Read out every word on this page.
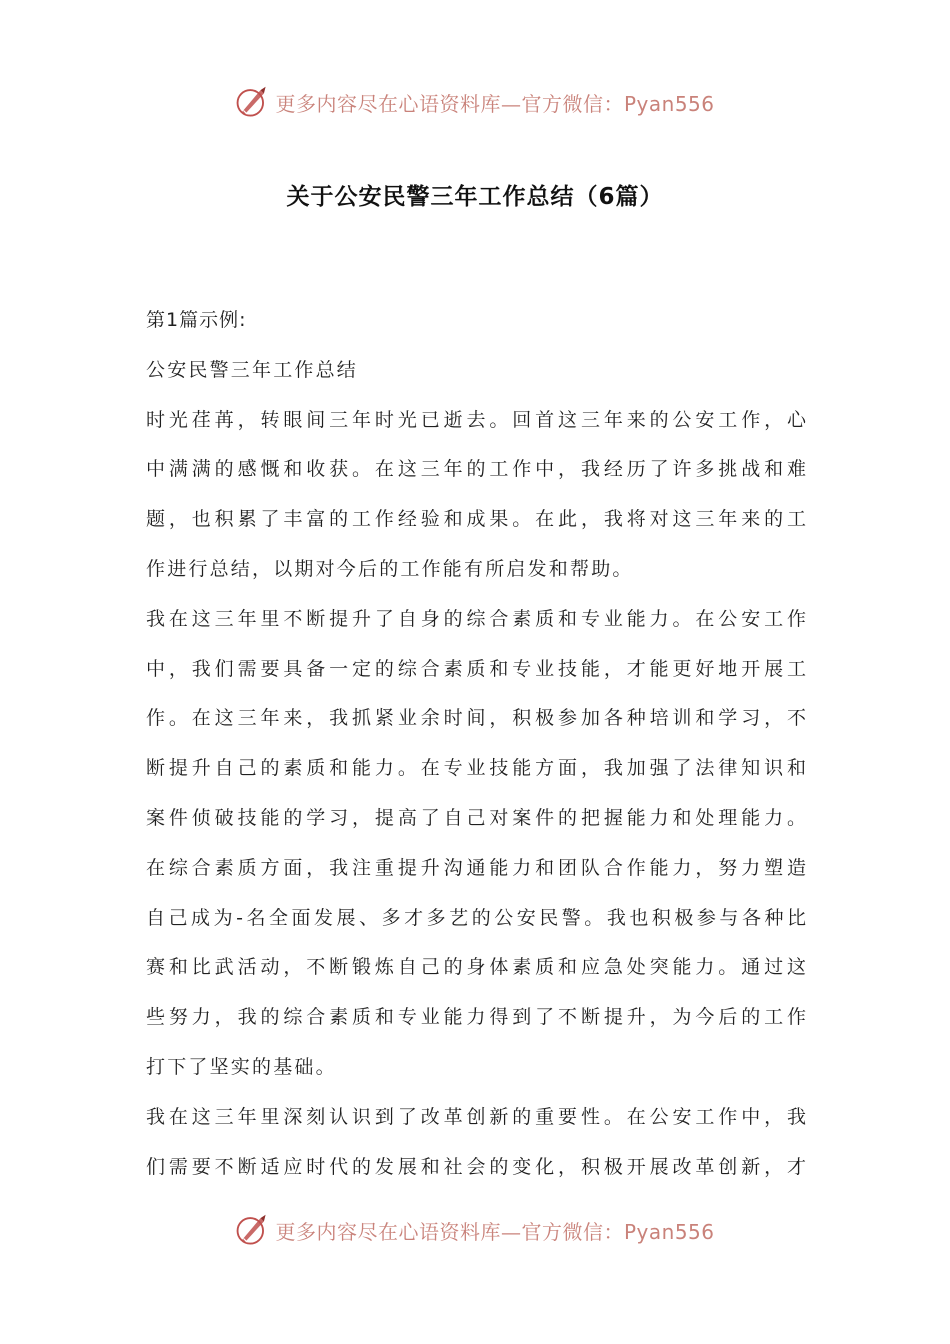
更多内容尽在心语资料库—官方微信：Pyan556
关于公安民警三年工作总结（6篇）
第1篇示例:
公安民警三年工作总结
时光荏苒，转眼间三年时光已逝去。回首这三年来的公安工作，心
中满满的感慨和收获。在这三年的工作中，我经历了许多挑战和难
题，也积累了丰富的工作经验和成果。在此，我将对这三年来的工
作进行总结，以期对今后的工作能有所启发和帮助。
我在这三年里不断提升了自身的综合素质和专业能力。在公安工作
中，我们需要具备一定的综合素质和专业技能，才能更好地开展工
作。在这三年来，我抓紧业余时间，积极参加各种培训和学习，不
断提升自己的素质和能力。在专业技能方面，我加强了法律知识和
案件侦破技能的学习，提高了自己对案件的把握能力和处理能力。
在综合素质方面，我注重提升沟通能力和团队合作能力，努力塑造
自己成为-名全面发展、多才多艺的公安民警。我也积极参与各种比
赛和比武活动，不断锻炼自己的身体素质和应急处突能力。通过这
些努力，我的综合素质和专业能力得到了不断提升，为今后的工作
打下了坚实的基础。
我在这三年里深刻认识到了改革创新的重要性。在公安工作中，我
们需要不断适应时代的发展和社会的变化，积极开展改革创新，才
更多内容尽在心语资料库—官方微信：Pyan556
